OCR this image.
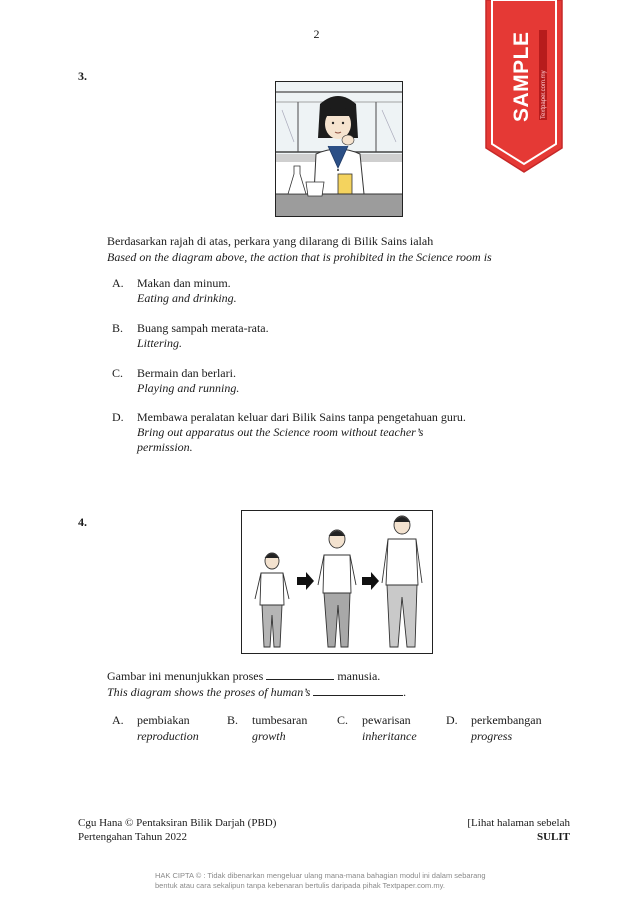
2	SAMPLE Textpaper.com.my
3.
Berdasarkan rajah di atas, perkara yang dilarang di Bilik Sains ialah
Based on the diagram above, the action that is prohibited in the Science room is
A. Makan dan minum.
Eating and drinking.
B. Buang sampah merata-rata.
Littering.
C. Bermain dan berlari.
Playing and running.
D. Membawa peralatan keluar dari Bilik Sains tanpa pengetahuan guru.
Bring out apparatus out the Science room without teacher’s permission.
4.
Gambar ini menunjukkan proses	manusia.
This diagram shows the proses of human’s	.
A. pembiakan
reproduction
B. tumbesaran
growth
C. pewarisan
inheritance
D. perkembangan
progress
Cgu Hana © Pentaksiran Bilik Darjah (PBD)
Pertengahan Tahun 2022
[Lihat halaman sebelah
SULIT
HAK CIPTA © : Tidak dibenarkan mengeluar ulang mana-mana bahagian modul ini dalam sebarang
bentuk atau cara sekalipun tanpa kebenaran bertulis daripada pihak Textpaper.com.my.
